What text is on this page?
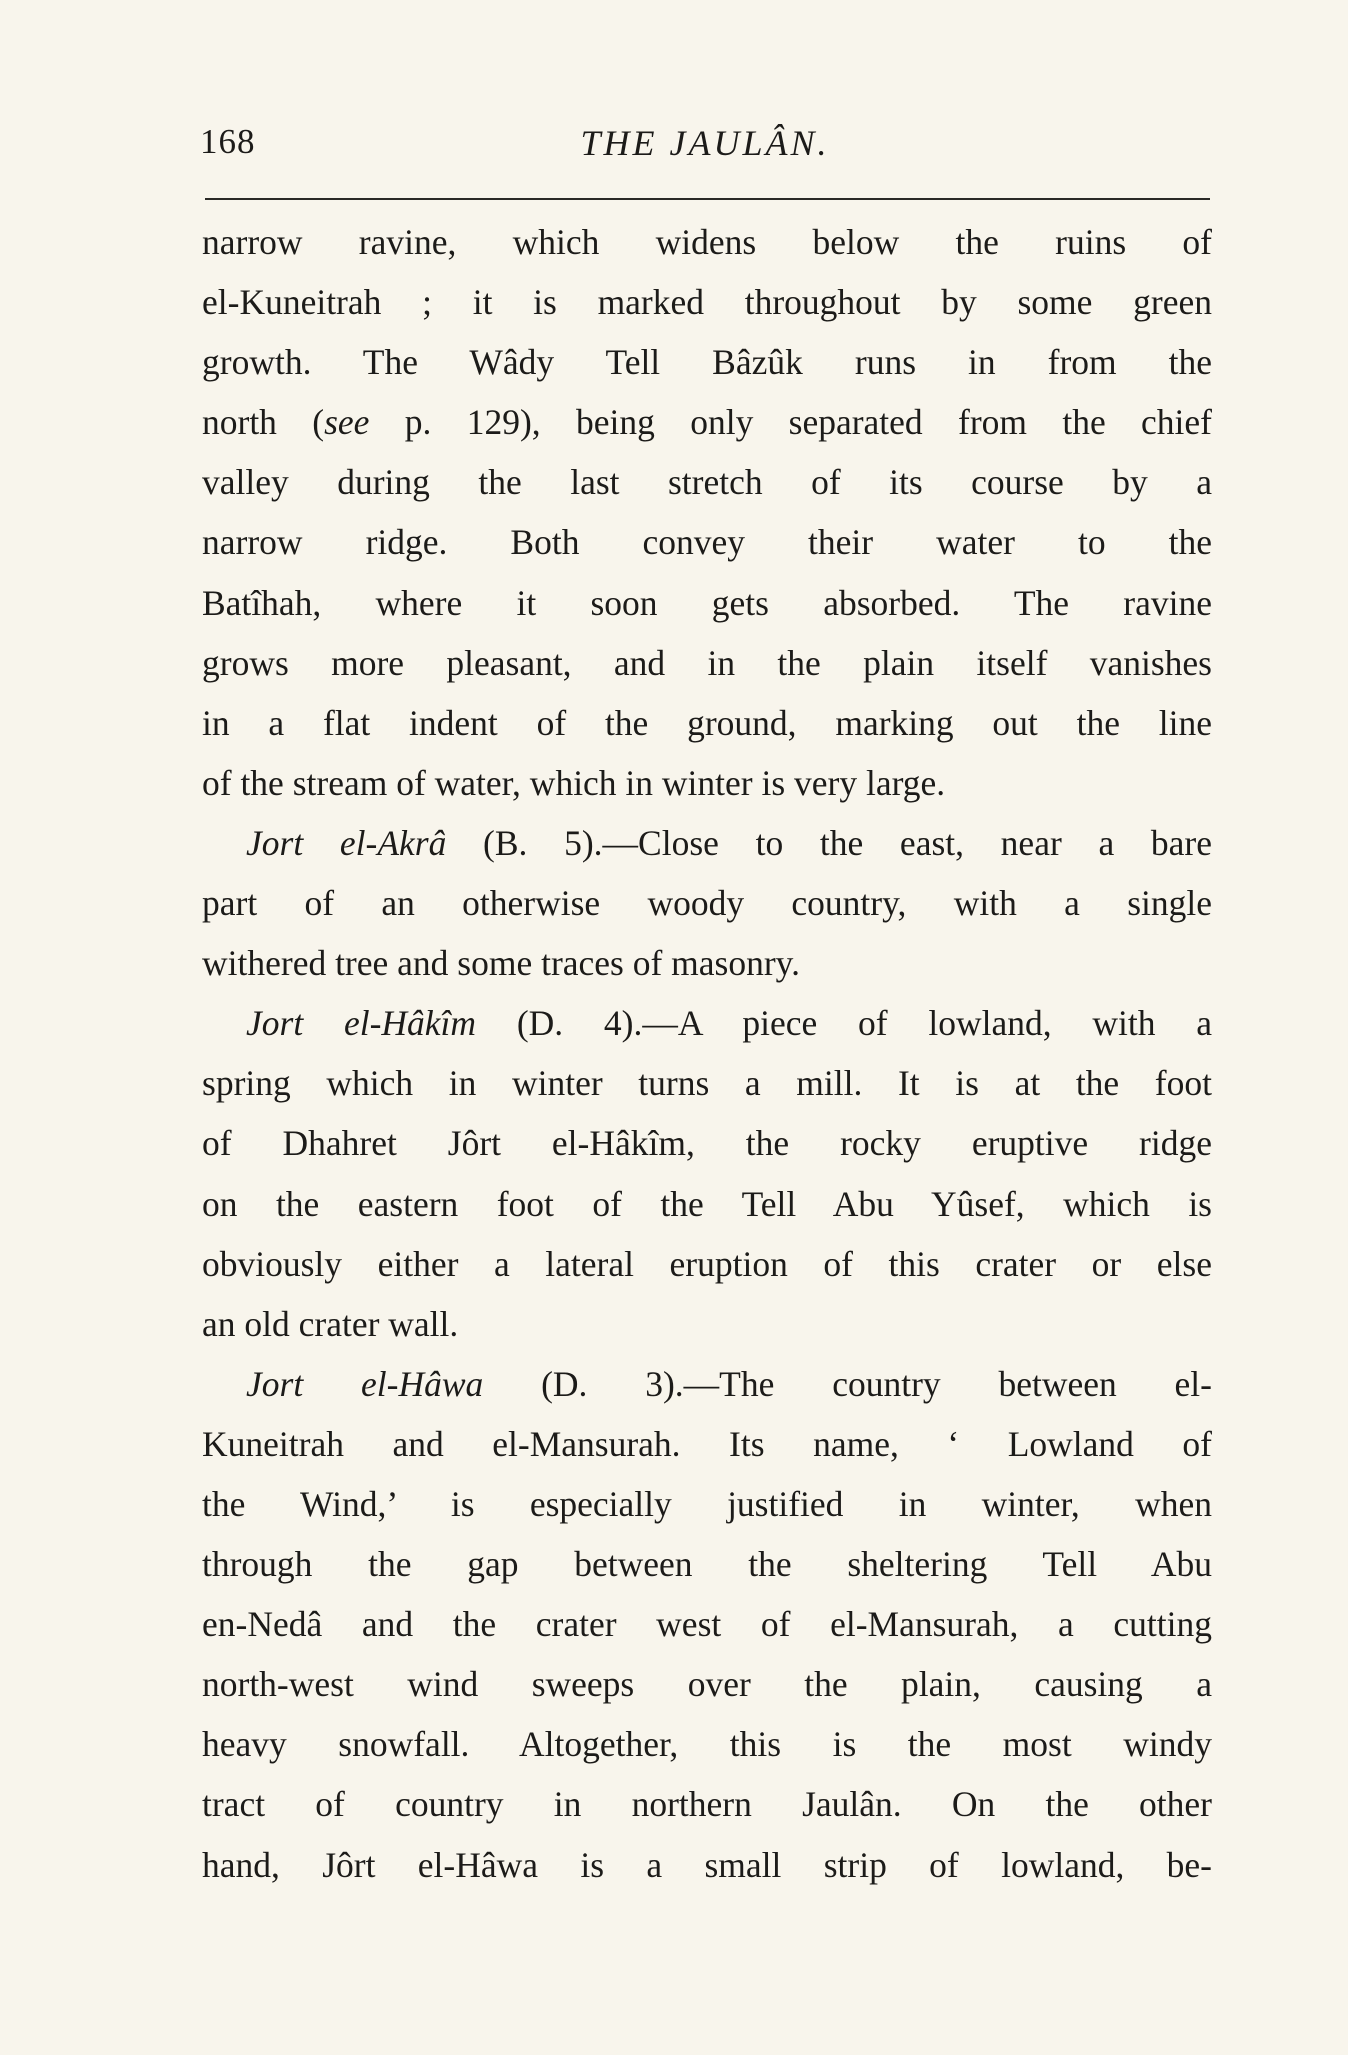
168	THE JAULÂN.
narrow ravine, which widens below the ruins of
el-Kuneitrah ; it is marked throughout by some green
growth. The Wâdy Tell Bâzûk runs in from the
north (see p. 129), being only separated from the chief
valley during the last stretch of its course by a
narrow ridge. Both convey their water to the
Batîhah, where it soon gets absorbed. The ravine
grows more pleasant, and in the plain itself vanishes
in a flat indent of the ground, marking out the line
of the stream of water, which in winter is very large.
Jort el-Akrâ (B. 5).—Close to the east, near a bare
part of an otherwise woody country, with a single
withered tree and some traces of masonry.
Jort el-Hâkîm (D. 4).—A piece of lowland, with a
spring which in winter turns a mill. It is at the foot
of Dhahret Jôrt el-Hâkîm, the rocky eruptive ridge
on the eastern foot of the Tell Abu Yûsef, which is
obviously either a lateral eruption of this crater or else
an old crater wall.
Jort el-Hâwa (D. 3).—The country between el-
Kuneitrah and el-Mansurah. Its name, ‘ Lowland of
the Wind,’ is especially justified in winter, when
through the gap between the sheltering Tell Abu
en-Nedâ and the crater west of el-Mansurah, a cutting
north-west wind sweeps over the plain, causing a
heavy snowfall. Altogether, this is the most windy
tract of country in northern Jaulân. On the other
hand, Jôrt el-Hâwa is a small strip of lowland, be-
